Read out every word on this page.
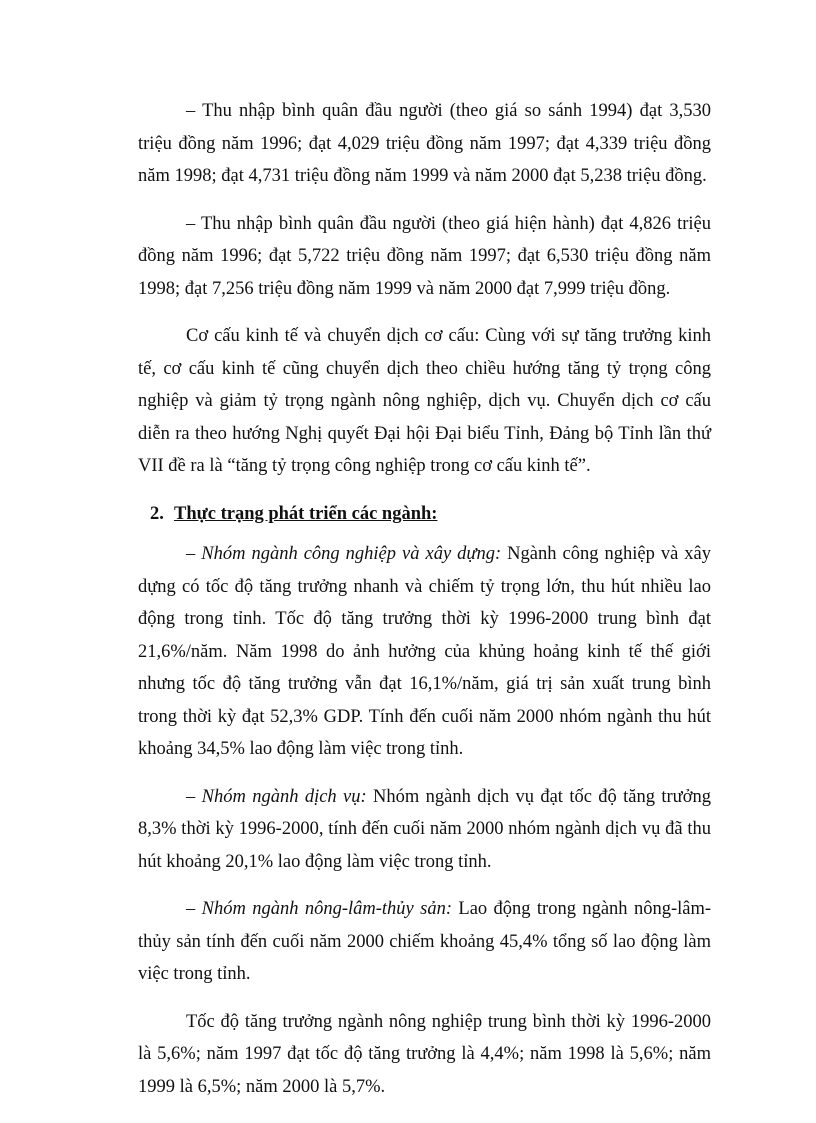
– Thu nhập bình quân đầu người (theo giá so sánh 1994) đạt 3,530 triệu đồng năm 1996; đạt 4,029 triệu đồng năm 1997; đạt 4,339 triệu đồng năm 1998; đạt 4,731 triệu đồng năm 1999 và năm 2000 đạt 5,238 triệu đồng.

– Thu nhập bình quân đầu người (theo giá hiện hành) đạt 4,826 triệu đồng năm 1996; đạt 5,722 triệu đồng năm 1997; đạt 6,530 triệu đồng năm 1998; đạt 7,256 triệu đồng năm 1999 và năm 2000 đạt 7,999 triệu đồng.

Cơ cấu kinh tế và chuyển dịch cơ cấu: Cùng với sự tăng trưởng kinh tế, cơ cấu kinh tế cũng chuyển dịch theo chiều hướng tăng tỷ trọng công nghiệp và giảm tỷ trọng ngành nông nghiệp, dịch vụ. Chuyển dịch cơ cấu diễn ra theo hướng Nghị quyết Đại hội Đại biểu Tỉnh, Đảng bộ Tỉnh lần thứ VII đề ra là “tăng tỷ trọng công nghiệp trong cơ cấu kinh tế”.

2. Thực trạng phát triển các ngành:

– Nhóm ngành công nghiệp và xây dựng: Ngành công nghiệp và xây dựng có tốc độ tăng trưởng nhanh và chiếm tỷ trọng lớn, thu hút nhiều lao động trong tỉnh. Tốc độ tăng trưởng thời kỳ 1996-2000 trung bình đạt 21,6%/năm. Năm 1998 do ảnh hưởng của khủng hoảng kinh tế thế giới nhưng tốc độ tăng trưởng vẫn đạt 16,1%/năm, giá trị sản xuất trung bình trong thời kỳ đạt 52,3% GDP. Tính đến cuối năm 2000 nhóm ngành thu hút khoảng 34,5% lao động làm việc trong tỉnh.

– Nhóm ngành dịch vụ: Nhóm ngành dịch vụ đạt tốc độ tăng trưởng 8,3% thời kỳ 1996-2000, tính đến cuối năm 2000 nhóm ngành dịch vụ đã thu hút khoảng 20,1% lao động làm việc trong tỉnh.

– Nhóm ngành nông-lâm-thủy sản: Lao động trong ngành nông-lâm-thủy sản tính đến cuối năm 2000 chiếm khoảng 45,4% tổng số lao động làm việc trong tỉnh.

Tốc độ tăng trưởng ngành nông nghiệp trung bình thời kỳ 1996-2000 là 5,6%; năm 1997 đạt tốc độ tăng trưởng là 4,4%; năm 1998 là 5,6%; năm 1999 là 6,5%; năm 2000 là 5,7%.
